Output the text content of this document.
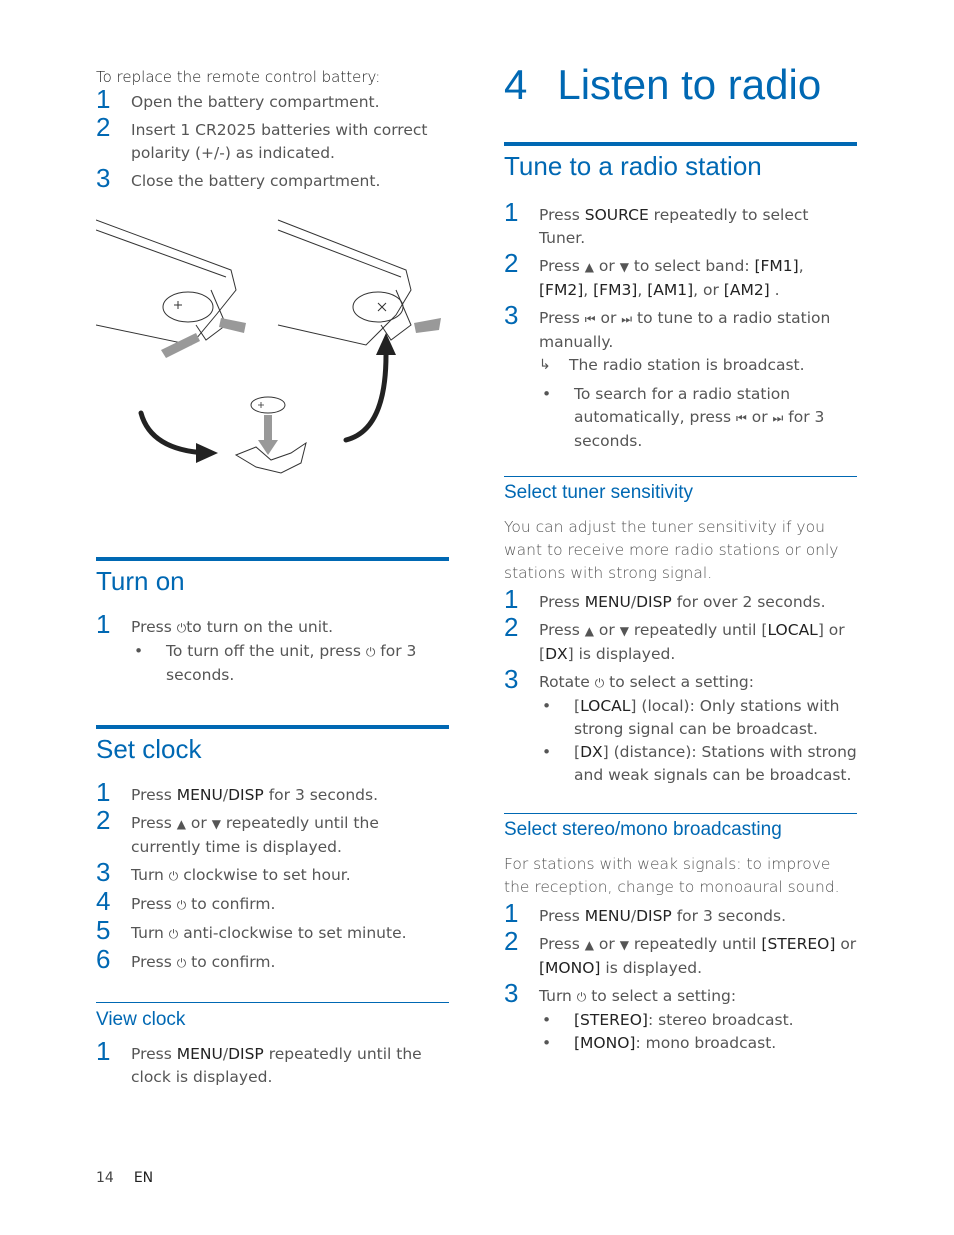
To replace the remote control battery:
1 Open the battery compartment.
2 Insert 1 CR2025 batteries with correct polarity (+/-) as indicated.
3 Close the battery compartment.
Turn on
1 Press ⏻to turn on the unit.
• To turn off the unit, press ⏻ for 3 seconds.
Set clock
1 Press MENU/DISP for 3 seconds.
2 Press ▲ or ▼ repeatedly until the currently time is displayed.
3 Turn ⏻ clockwise to set hour.
4 Press ⏻ to confirm.
5 Turn ⏻ anti-clockwise to set minute.
6 Press ⏻ to confirm.
View clock
1 Press MENU/DISP repeatedly until the clock is displayed.
4 Listen to radio
Tune to a radio station
1 Press SOURCE repeatedly to select Tuner.
2 Press ▲ or ▼ to select band: [FM1], [FM2], [FM3], [AM1], or [AM2] .
3 Press ⏮ or ⏭ to tune to a radio station manually.
↳ The radio station is broadcast.
• To search for a radio station automatically, press ⏮ or ⏭ for 3 seconds.
Select tuner sensitivity
You can adjust the tuner sensitivity if you want to receive more radio stations or only stations with strong signal.
1 Press MENU/DISP for over 2 seconds.
2 Press ▲ or ▼ repeatedly until [LOCAL] or [DX] is displayed.
3 Rotate ⏻ to select a setting:
• [LOCAL] (local): Only stations with strong signal can be broadcast.
• [DX] (distance): Stations with strong and weak signals can be broadcast.
Select stereo/mono broadcasting
For stations with weak signals: to improve the reception, change to monoaural sound.
1 Press MENU/DISP for 3 seconds.
2 Press ▲ or ▼ repeatedly until [STEREO] or [MONO] is displayed.
3 Turn ⏻ to select a setting:
• [STEREO]: stereo broadcast.
• [MONO]: mono broadcast.
14 EN
